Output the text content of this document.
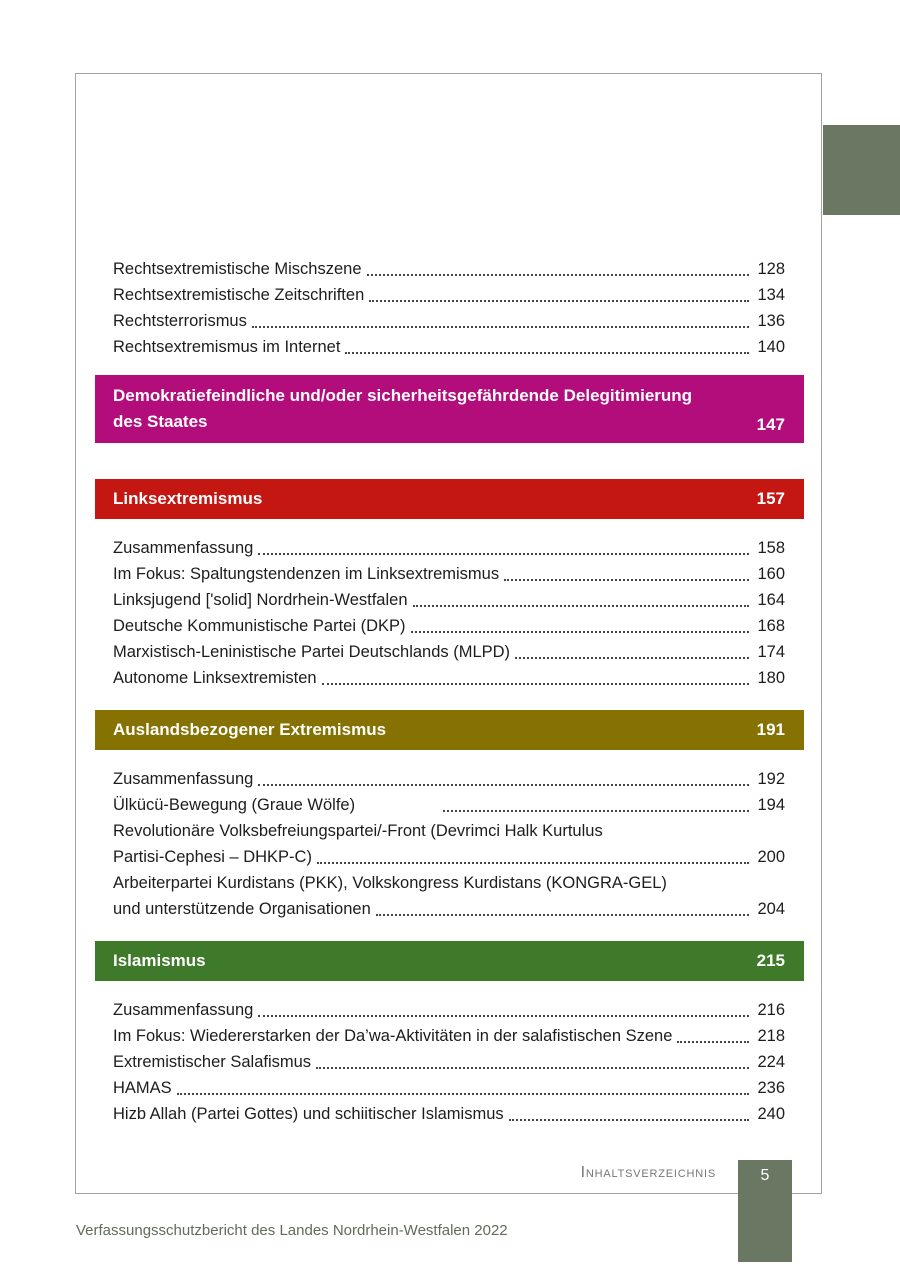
Rechtsextremistische Mischszene	128
Rechtsextremistische Zeitschriften	134
Rechtsterrorismus	136
Rechtsextremismus im Internet	140
Demokratiefeindliche und/oder sicherheitsgefährdende Delegitimierung
des Staates	147
Linksextremismus	157
Zusammenfassung	158
Im Fokus: Spaltungstendenzen im Linksextremismus	160
Linksjugend ['solid] Nordrhein-Westfalen	164
Deutsche Kommunistische Partei (DKP)	168
Marxistisch-Leninistische Partei Deutschlands (MLPD)	174
Autonome Linksextremisten	180
Auslandsbezogener Extremismus	191
Zusammenfassung	192
Ülkücü-Bewegung (Graue Wölfe)	194
Revolutionäre Volksbefreiungspartei/-Front (Devrimci Halk Kurtulus
Partisi-Cephesi – DHKP-C)	200
Arbeiterpartei Kurdistans (PKK), Volkskongress Kurdistans (KONGRA-GEL)
und unterstützende Organisationen	204
Islamismus	215
Zusammenfassung	216
Im Fokus: Wiedererstarken der Da’wa-Aktivitäten in der salafistischen Szene	218
Extremistischer Salafismus	224
HAMAS	236
Hizb Allah (Partei Gottes) und schiitischer Islamismus	240
Inhaltsverzeichnis	5
Verfassungsschutzbericht des Landes Nordrhein-Westfalen 2022
